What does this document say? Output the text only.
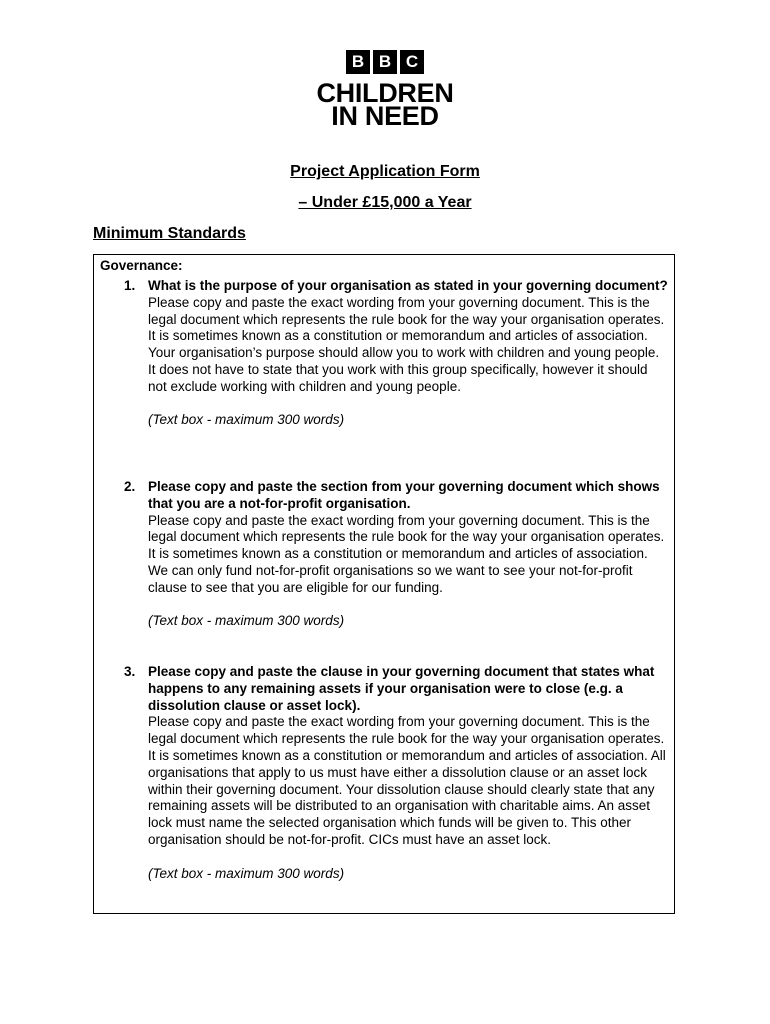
B B C
CHILDREN
IN NEED
Project Application Form
– Under £15,000 a Year
Minimum Standards
Governance:
1. What is the purpose of your organisation as stated in your governing document?
Please copy and paste the exact wording from your governing document. This is the legal document which represents the rule book for the way your organisation operates. It is sometimes known as a constitution or memorandum and articles of association. Your organisation’s purpose should allow you to work with children and young people. It does not have to state that you work with this group specifically, however it should not exclude working with children and young people.
(Text box - maximum 300 words)
2. Please copy and paste the section from your governing document which shows that you are a not-for-profit organisation.
Please copy and paste the exact wording from your governing document. This is the legal document which represents the rule book for the way your organisation operates. It is sometimes known as a constitution or memorandum and articles of association. We can only fund not-for-profit organisations so we want to see your not-for-profit clause to see that you are eligible for our funding.
(Text box - maximum 300 words)
3. Please copy and paste the clause in your governing document that states what happens to any remaining assets if your organisation were to close (e.g. a dissolution clause or asset lock).
Please copy and paste the exact wording from your governing document. This is the legal document which represents the rule book for the way your organisation operates. It is sometimes known as a constitution or memorandum and articles of association. All organisations that apply to us must have either a dissolution clause or an asset lock within their governing document. Your dissolution clause should clearly state that any remaining assets will be distributed to an organisation with charitable aims. An asset lock must name the selected organisation which funds will be given to. This other organisation should be not-for-profit. CICs must have an asset lock.
(Text box - maximum 300 words)
